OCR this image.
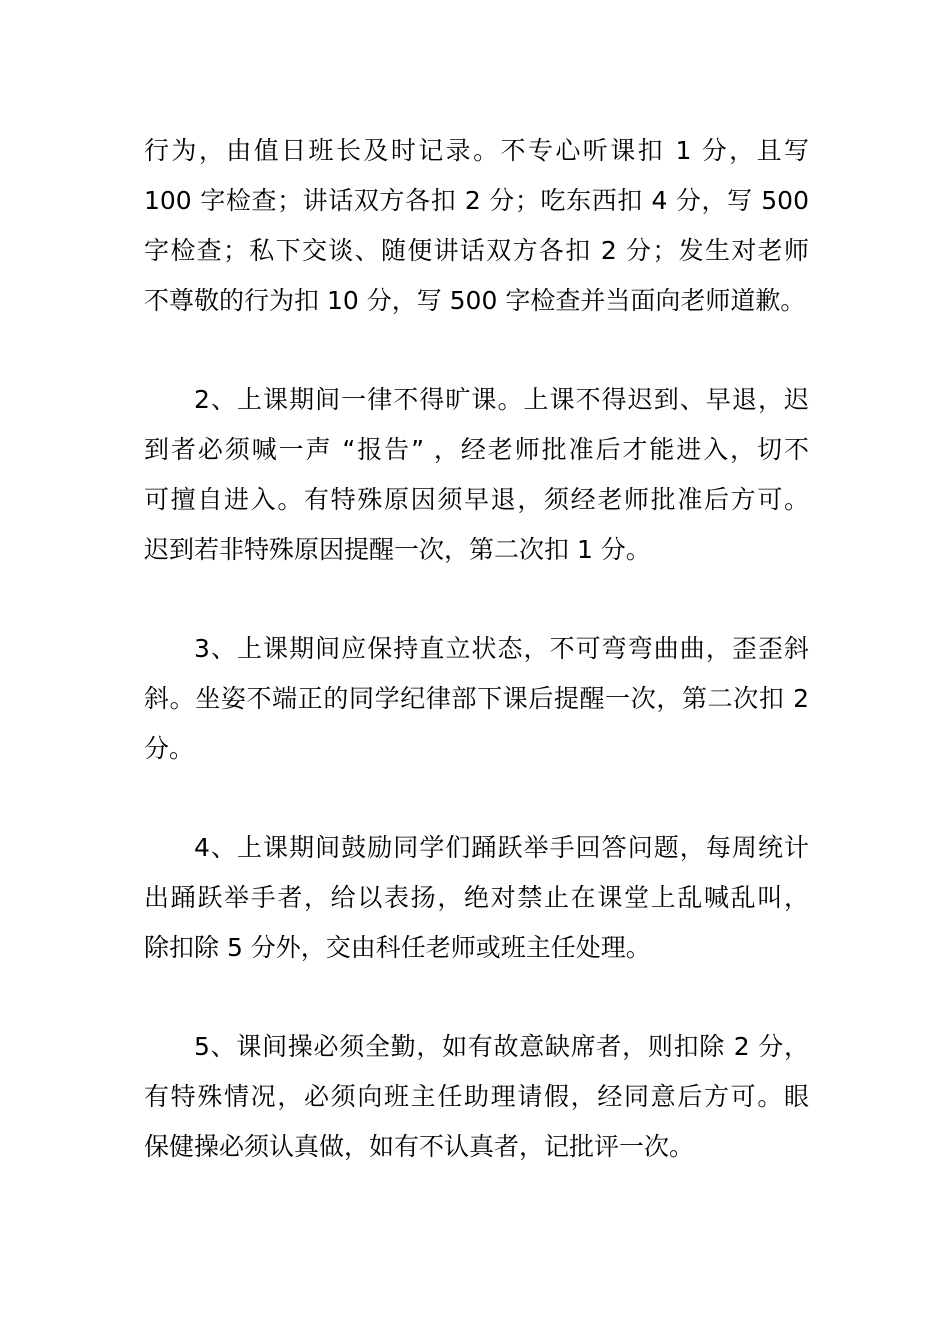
行为，由值日班长及时记录。不专心听课扣 1 分，且写
100 字检查；讲话双方各扣 2 分；吃东西扣 4 分，写 500
字检查；私下交谈、随便讲话双方各扣 2 分；发生对老师
不尊敬的行为扣 10 分，写 500 字检查并当面向老师道歉。
2、上课期间一律不得旷课。上课不得迟到、早退，迟
到者必须喊一声 “报告” ，经老师批准后才能进入，切不
可擅自进入。有特殊原因须早退，须经老师批准后方可。
迟到若非特殊原因提醒一次，第二次扣 1 分。
3、上课期间应保持直立状态，不可弯弯曲曲，歪歪斜
斜。坐姿不端正的同学纪律部下课后提醒一次，第二次扣 2
分。
4、上课期间鼓励同学们踊跃举手回答问题，每周统计
出踊跃举手者，给以表扬，绝对禁止在课堂上乱喊乱叫，
除扣除 5 分外，交由科任老师或班主任处理。
5、课间操必须全勤，如有故意缺席者，则扣除 2 分，
有特殊情况，必须向班主任助理请假，经同意后方可。眼
保健操必须认真做，如有不认真者，记批评一次。
